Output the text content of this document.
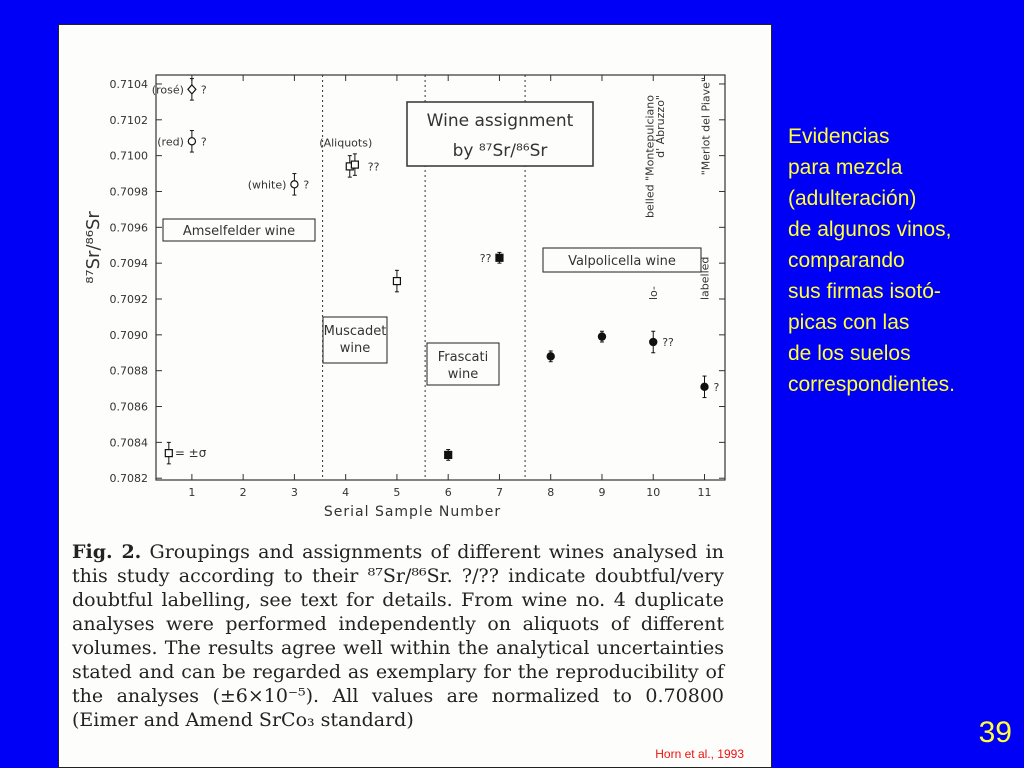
0.7082
0.7084
0.7086
0.7088
0.7090
0.7092
0.7094
0.7096
0.7098
0.7100
0.7102
0.7104
1	2	3	4	5	6	7	8	9	10	11
Serial Sample Number
⁸⁷Sr/⁸⁶Sr
Wine assignment
by ⁸⁷Sr/⁸⁶Sr
Amselfelder wine
Muscadet
wine
Frascati
wine
Valpolicella wine
(rosé) ?
(red) ?
(white) ?
(Aliquots)
??
??
??
?
= ±σ
belled "Montepulciano
d' Abruzzo"
lo-
"Merlot del Piave"
labelled

Fig. 2. Groupings and assignments of different wines analysed in this study according to their ⁸⁷Sr/⁸⁶Sr. ?/?? indicate doubtful/very doubtful labelling, see text for details. From wine no. 4 duplicate analyses were performed independently on aliquots of different volumes. The results agree well within the analytical uncertainties stated and can be regarded as exemplary for the reproducibility of the analyses (±6×10⁻⁵). All values are normalized to 0.70800 (Eimer and Amend SrCo₃ standard)

Horn et al., 1993
Evidencias
para mezcla
(adulteración)
de algunos vinos,
comparando
sus firmas isotó-
picas con las
de los suelos
correspondientes.
39
